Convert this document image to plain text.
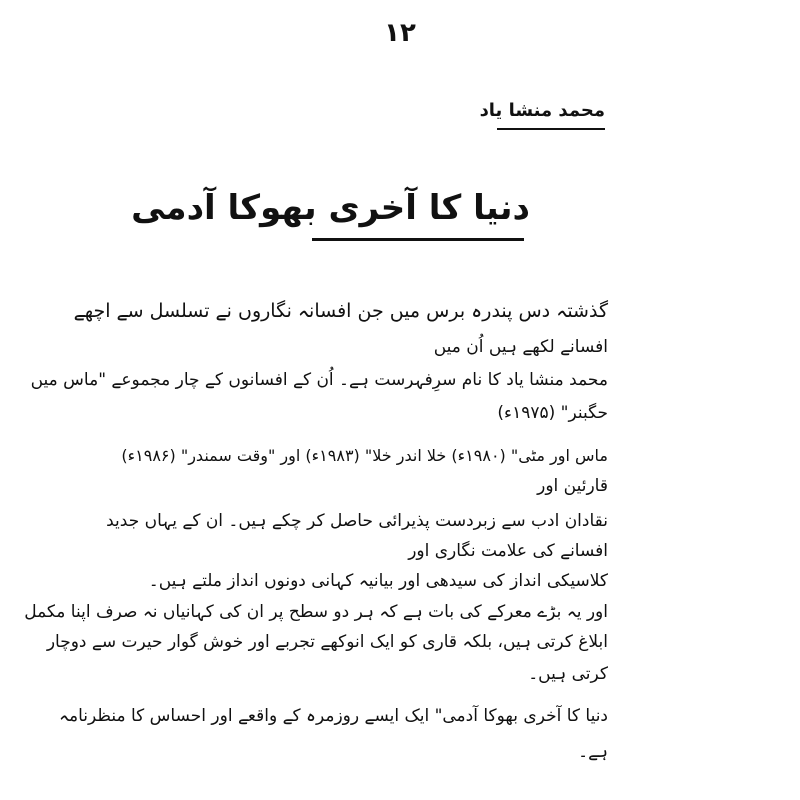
۱۲
محمد منشا یاد
دنیا کا آخری بھوکا آدمی
گذشتہ دس پندرہ برس میں جن افسانہ نگاروں نے تسلسل سے اچھے
افسانے لکھے ہیں اُن میں
محمد منشا یاد کا نام سرِفہرست ہے۔ اُن کے افسانوں کے چار مجموعے "ماس میں
حگبنر" (۱۹۷۵ء)
ماس اور مٹی" (۱۹۸۰ء) خلا اندر خلا" (۱۹۸۳ء) اور "وقت سمندر" (۱۹۸۶ء)
قارئین اور
نقادان ادب سے زبردست پذیرائی حاصل کر چکے ہیں۔ ان کے یہاں جدید
افسانے کی علامت نگاری اور
کلاسیکی انداز کی سیدھی اور بیانیہ کہانی دونوں انداز ملتے ہیں۔
اور یہ بڑے معرکے کی بات ہے کہ ہر دو سطح پر ان کی کہانیاں نہ صرف اپنا مکمل
ابلاغ کرتی ہیں، بلکہ قاری کو ایک انوکھے تجربے اور خوش گوار حیرت سے دوچار
کرتی ہیں۔
دنیا کا آخری بھوکا آدمی" ایک ایسے روزمرہ کے واقعے اور احساس کا منظرنامہ
ہے۔
